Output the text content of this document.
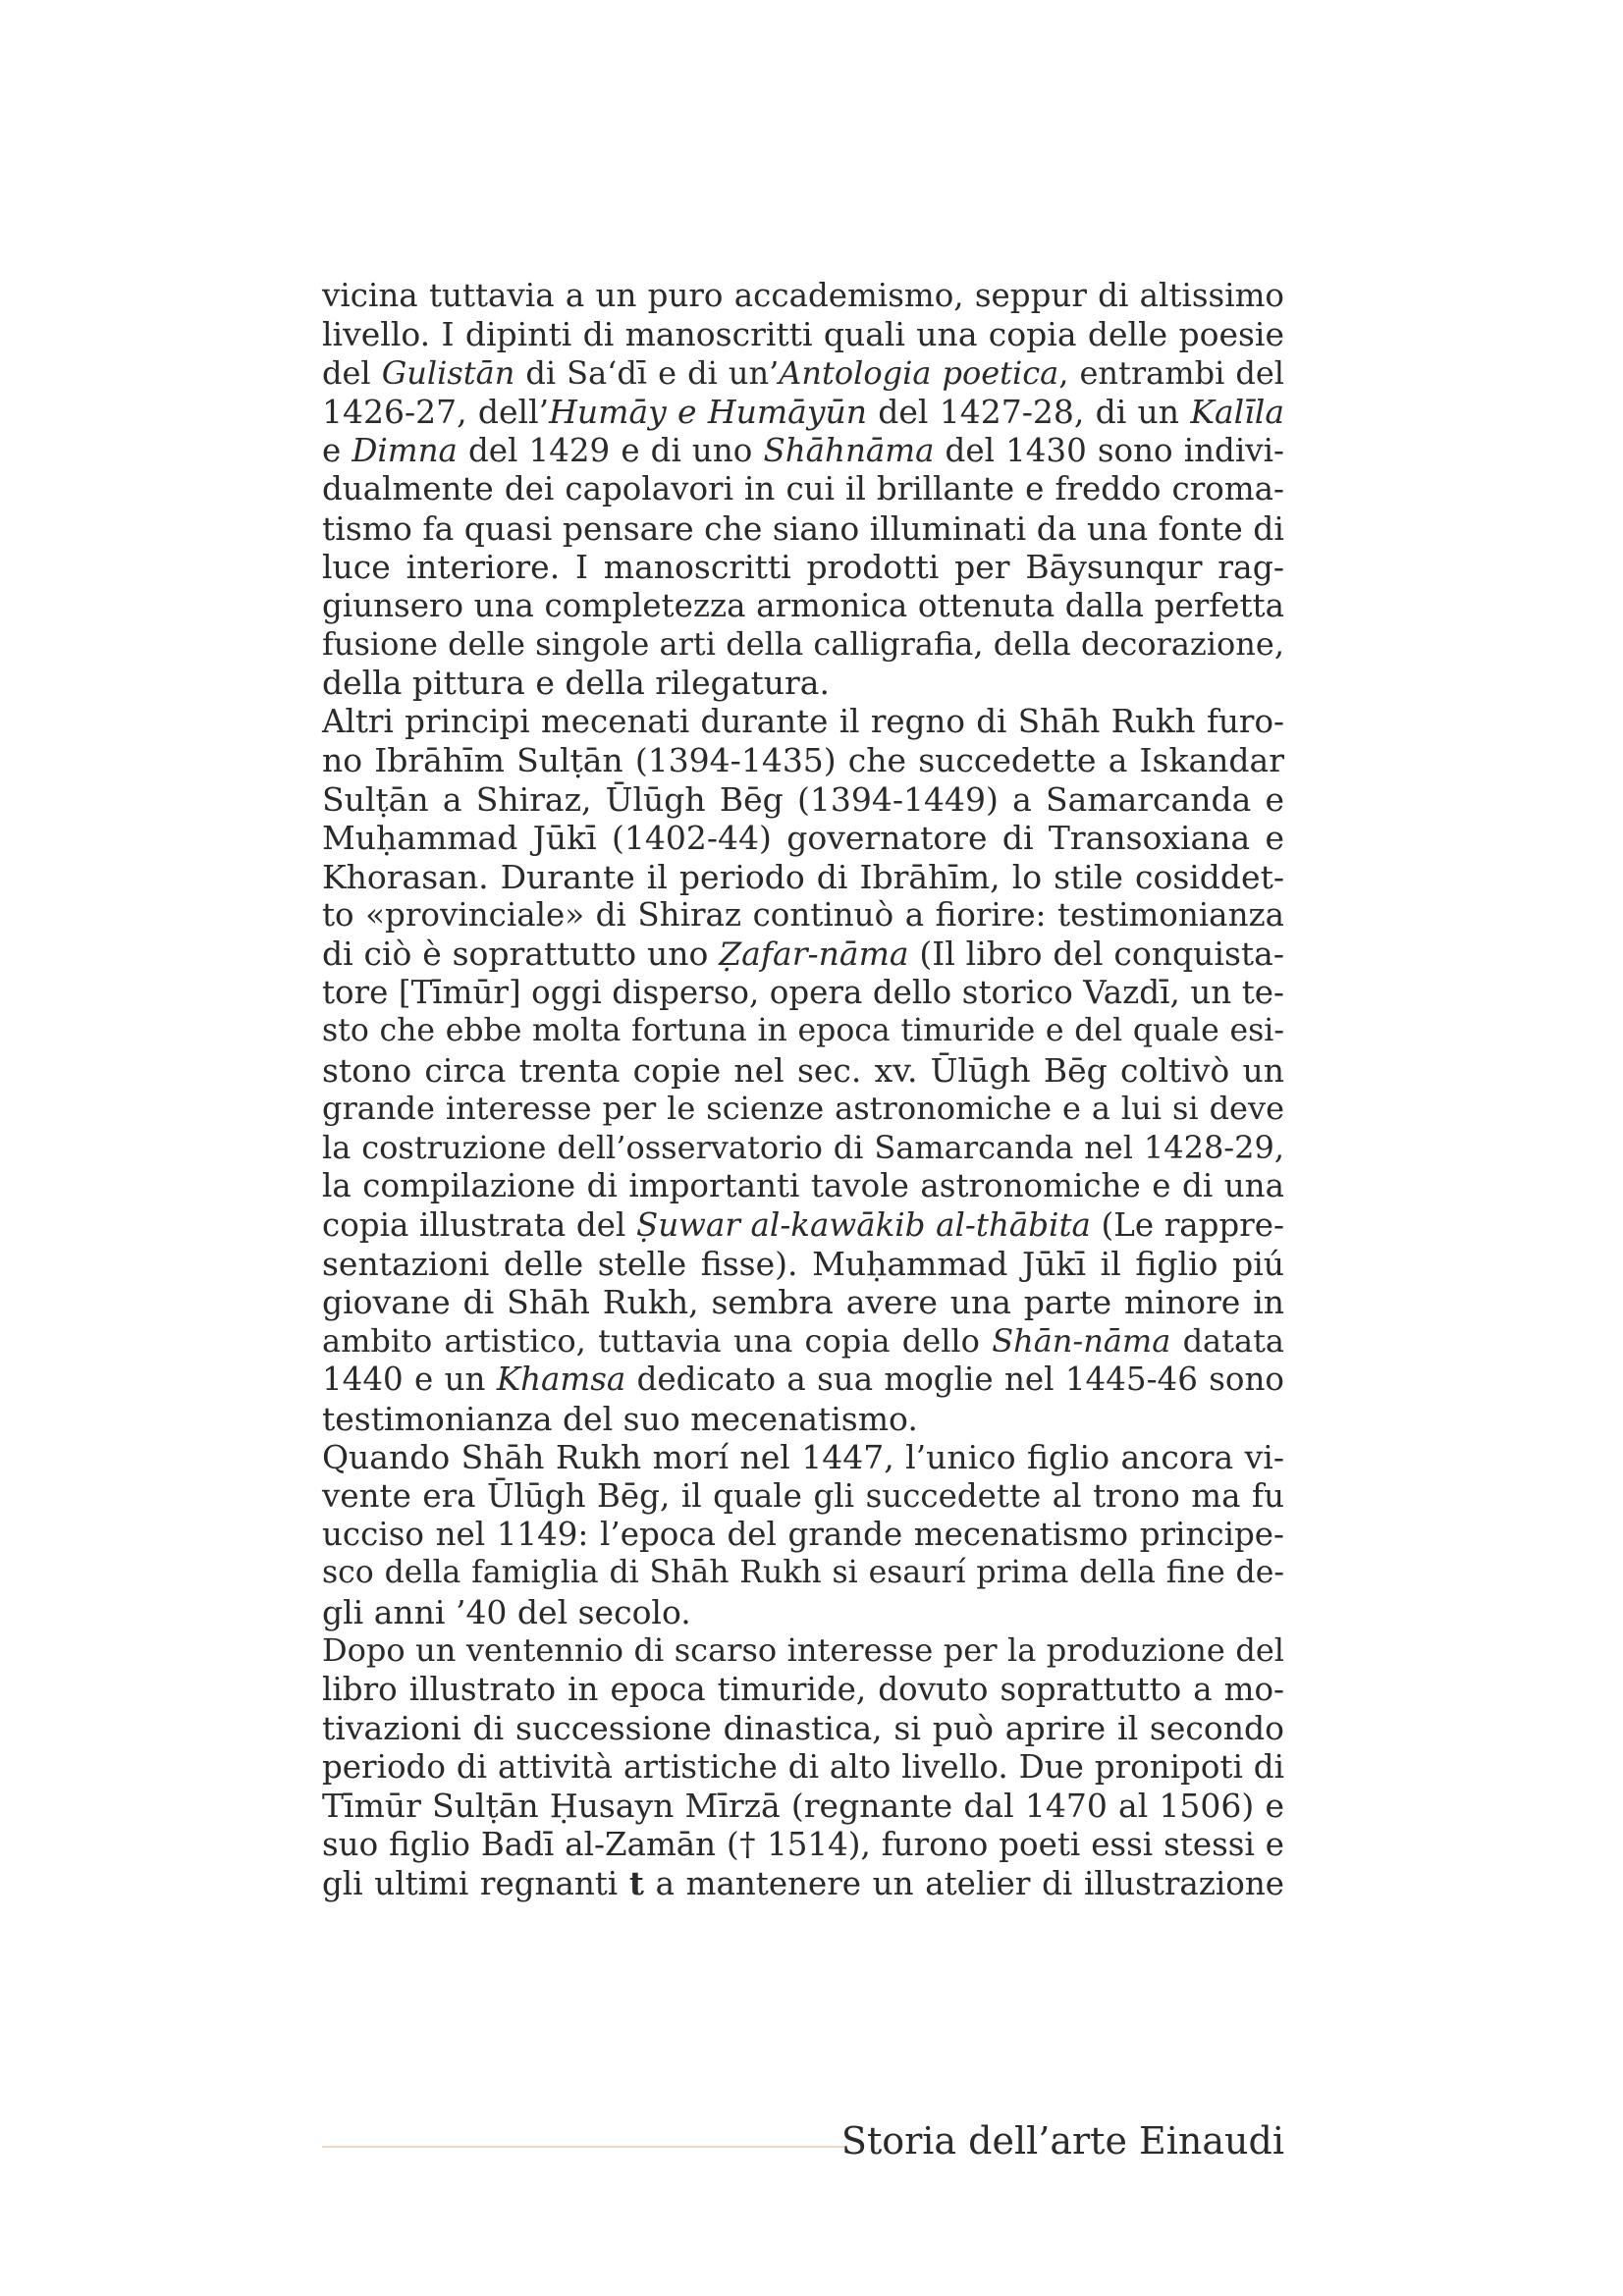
vicina tuttavia a un puro accademismo, seppur di altissimo
livello. I dipinti di manoscritti quali una copia delle poesie
del Gulistān di Sa‘dī e di un’Antologia poetica, entrambi del
1426-27, dell’Humāy e Humāyūn del 1427-28, di un Kalīla
e Dimna del 1429 e di uno Shāhnāma del 1430 sono indivi-
dualmente dei capolavori in cui il brillante e freddo croma-
tismo fa quasi pensare che siano illuminati da una fonte di
luce interiore. I manoscritti prodotti per Bāysunqur rag-
giunsero una completezza armonica ottenuta dalla perfetta
fusione delle singole arti della calligrafia, della decorazione,
della pittura e della rilegatura.
Altri principi mecenati durante il regno di Shāh Rukh furo-
no Ibrāhīm Sulṭān (1394-1435) che succedette a Iskandar
Sulṭān a Shiraz, Ūlūgh Bēg (1394-1449) a Samarcanda e
Muḥammad Jūkī (1402-44) governatore di Transoxiana e
Khorasan. Durante il periodo di Ibrāhīm, lo stile cosiddet-
to «provinciale» di Shiraz continuò a fiorire: testimonianza
di ciò è soprattutto uno Ẓafar-nāma (Il libro del conquista-
tore [Tīmūr] oggi disperso, opera dello storico Vazdī, un te-
sto che ebbe molta fortuna in epoca timuride e del quale esi-
stono circa trenta copie nel sec. xv. Ūlūgh Bēg coltivò un
grande interesse per le scienze astronomiche e a lui si deve
la costruzione dell’osservatorio di Samarcanda nel 1428-29,
la compilazione di importanti tavole astronomiche e di una
copia illustrata del Ṣuwar al-kawākib al-thābita (Le rappre-
sentazioni delle stelle fisse). Muḥammad Jūkī il figlio piú
giovane di Shāh Rukh, sembra avere una parte minore in
ambito artistico, tuttavia una copia dello Shān-nāma datata
1440 e un Khamsa dedicato a sua moglie nel 1445-46 sono
testimonianza del suo mecenatismo.
Quando Shāh Rukh morí nel 1447, l’unico figlio ancora vi-
vente era Ūlūgh Bēg, il quale gli succedette al trono ma fu
ucciso nel 1149: l’epoca del grande mecenatismo principe-
sco della famiglia di Shāh Rukh si esaurí prima della fine de-
gli anni ’40 del secolo.
Dopo un ventennio di scarso interesse per la produzione del
libro illustrato in epoca timuride, dovuto soprattutto a mo-
tivazioni di successione dinastica, si può aprire il secondo
periodo di attività artistiche di alto livello. Due pronipoti di
Tīmūr Sulṭān Ḥusayn Mīrzā (regnante dal 1470 al 1506) e
suo figlio Badī al-Zamān († 1514), furono poeti essi stessi e
gli ultimi regnanti t a mantenere un atelier di illustrazione
Storia dell’arte Einaudi
